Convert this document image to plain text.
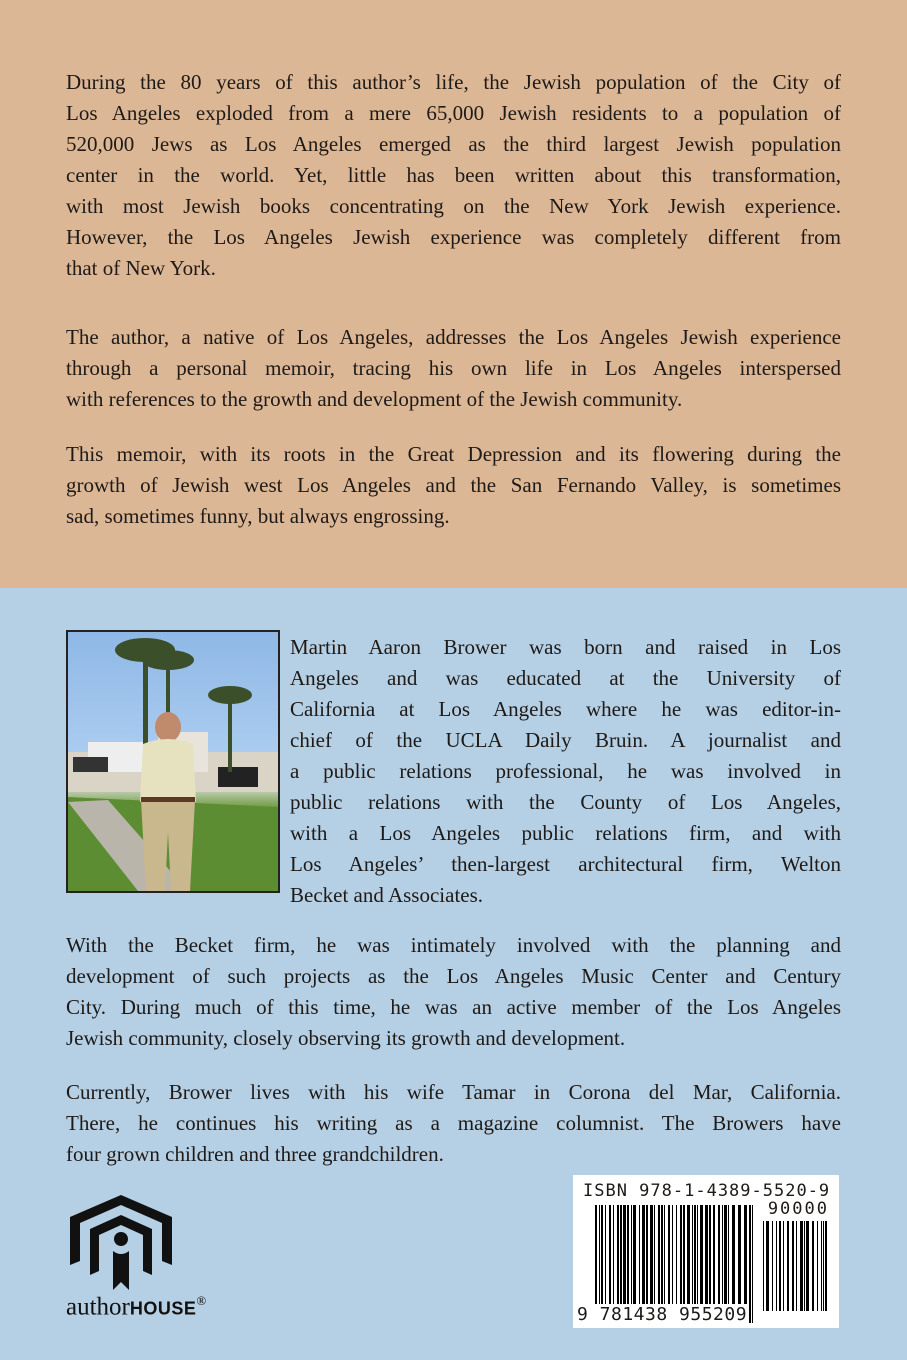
During the 80 years of this author’s life, the Jewish population of the City of
Los Angeles exploded from a mere 65,000 Jewish residents to a population of
520,000 Jews as Los Angeles emerged as the third largest Jewish population
center in the world. Yet, little has been written about this transformation,
with most Jewish books concentrating on the New York Jewish experience.
However, the Los Angeles Jewish experience was completely different from
that of New York.
The author, a native of Los Angeles, addresses the Los Angeles Jewish experience
through a personal memoir, tracing his own life in Los Angeles interspersed
with references to the growth and development of the Jewish community.
This memoir, with its roots in the Great Depression and its flowering during the
growth of Jewish west Los Angeles and the San Fernando Valley, is sometimes
sad, sometimes funny, but always engrossing.
Martin Aaron Brower was born and raised in Los
Angeles and was educated at the University of
California at Los Angeles where he was editor-in-
chief of the UCLA Daily Bruin. A journalist and
a public relations professional, he was involved in
public relations with the County of Los Angeles,
with a Los Angeles public relations firm, and with
Los Angeles’ then-largest architectural firm, Welton
Becket and Associates.
With the Becket firm, he was intimately involved with the planning and
development of such projects as the Los Angeles Music Center and Century
City. During much of this time, he was an active member of the Los Angeles
Jewish community, closely observing its growth and development.
Currently, Brower lives with his wife Tamar in Corona del Mar, California.
There, he continues his writing as a magazine columnist. The Browers have
four grown children and three grandchildren.
authorHOUSE®
ISBN 978-1-4389-5520-9
90000
9 781438 955209
